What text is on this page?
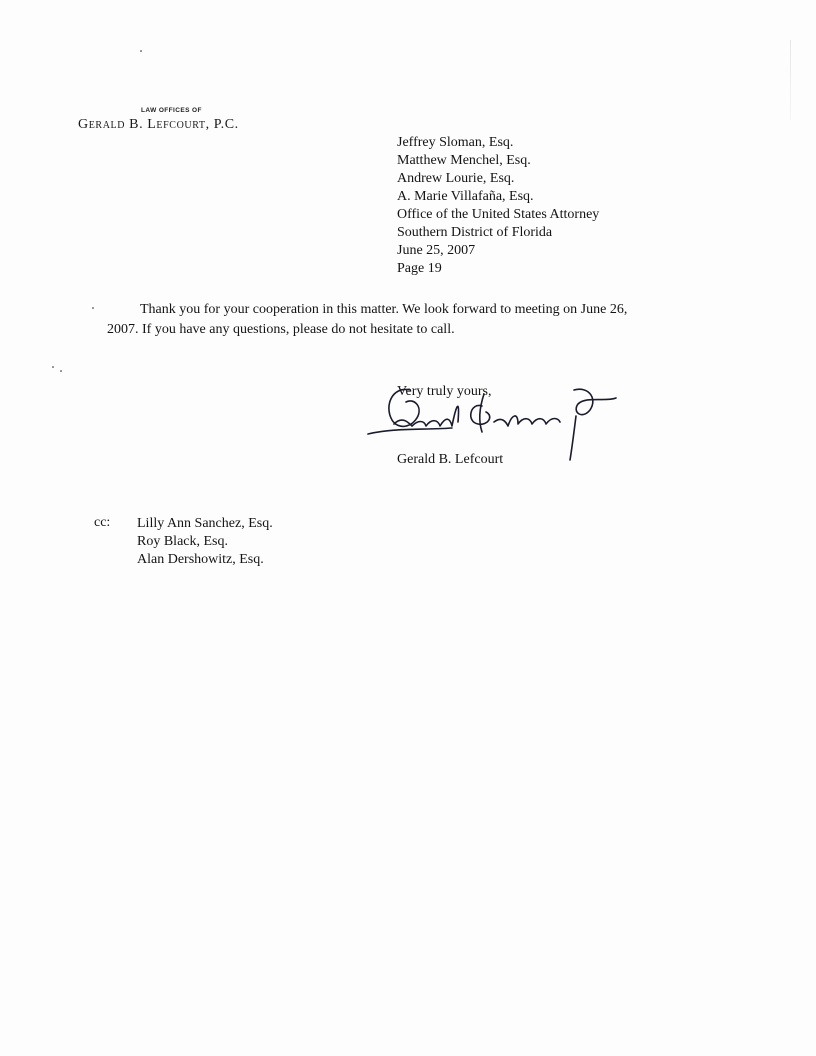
LAW OFFICES OF
Gerald B. Lefcourt, P.C.
Jeffrey Sloman, Esq.
Matthew Menchel, Esq.
Andrew Lourie, Esq.
A. Marie Villafaña, Esq.
Office of the United States Attorney
Southern District of Florida
June 25, 2007
Page 19
Thank you for your cooperation in this matter. We look forward to meeting on June 26,
2007. If you have any questions, please do not hesitate to call.
Very truly yours,
Gerald B. Lefcourt
cc: Lilly Ann Sanchez, Esq.
Roy Black, Esq.
Alan Dershowitz, Esq.
